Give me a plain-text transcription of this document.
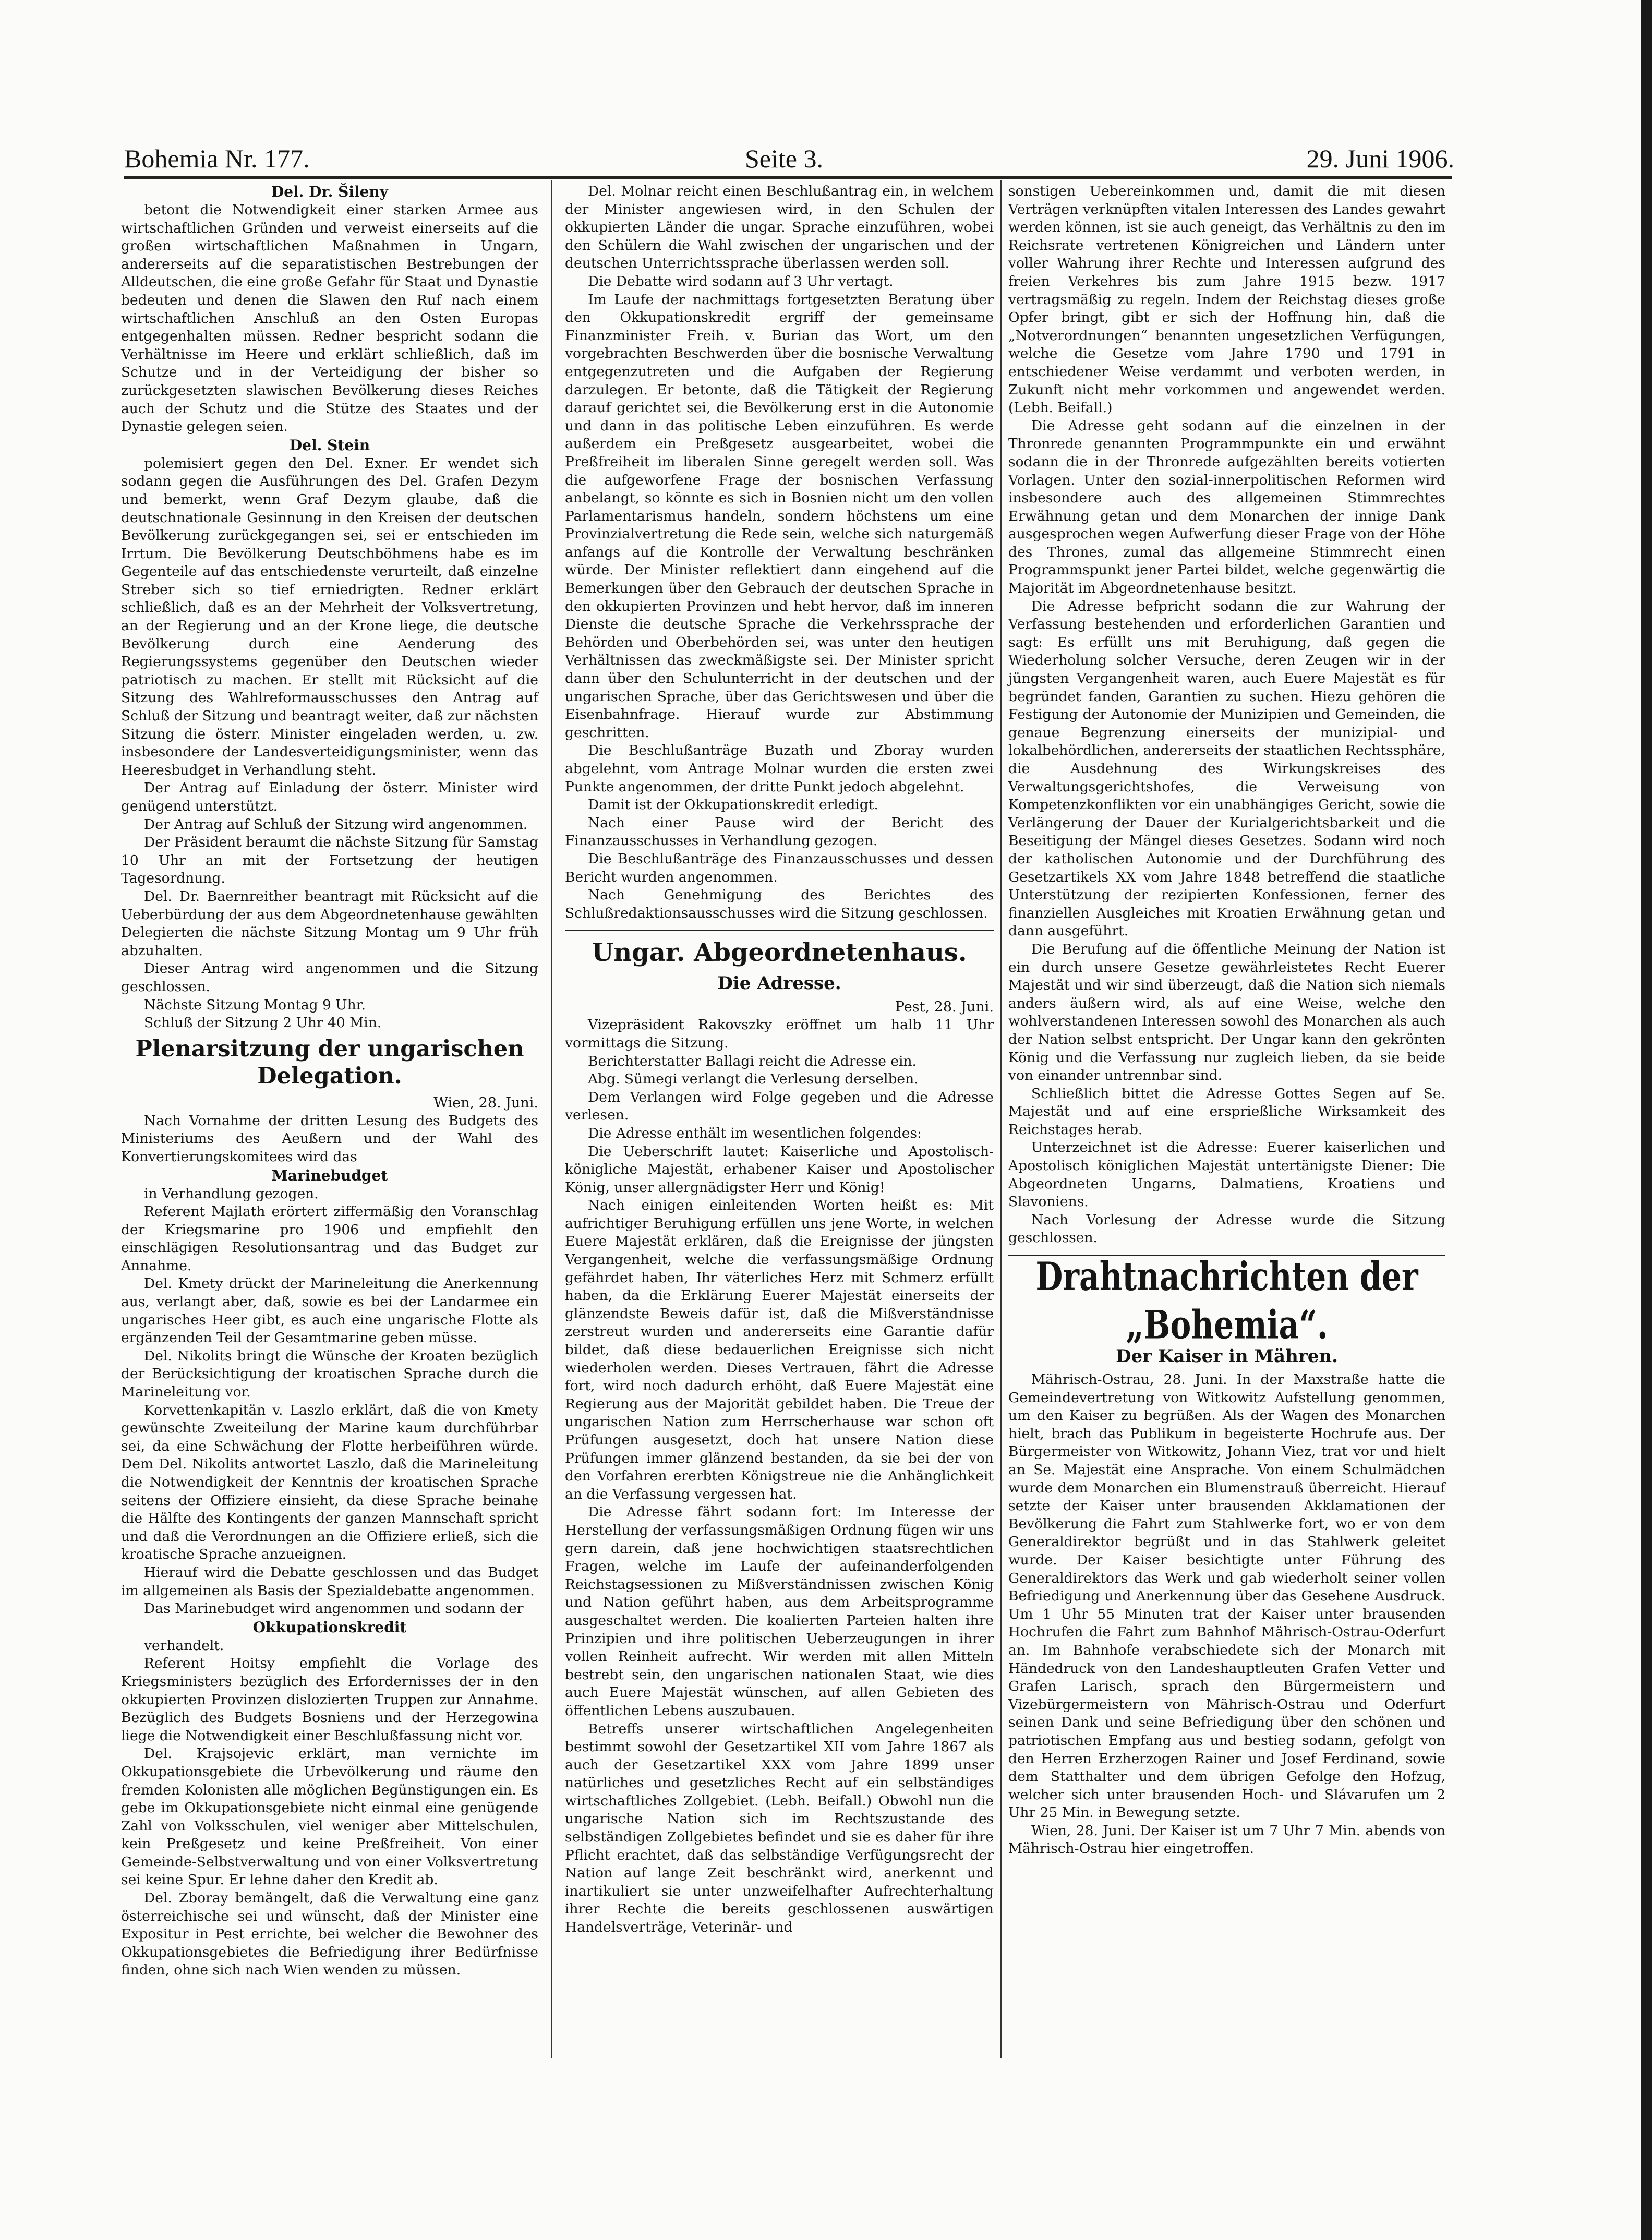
Bohemia Nr. 177.	Seite 3.	29. Juni 1906.

Del. Dr. Šileny

betont die Notwendigkeit einer starken Armee aus wirtschaftlichen Gründen und verweist einerseits auf die großen wirtschaftlichen Maßnahmen in Ungarn, andererseits auf die separatistischen Bestrebungen der Alldeutschen, die eine große Gefahr für Staat und Dynastie bedeuten und denen die Slawen den Ruf nach einem wirtschaftlichen Anschluß an den Osten Europas entgegenhalten müssen. Redner bespricht sodann die Verhältnisse im Heere und erklärt schließlich, daß im Schutze und in der Verteidigung der bisher so zurückgesetzten slawischen Bevölkerung dieses Reiches auch der Schutz und die Stütze des Staates und der Dynastie gelegen seien.

Del. Stein

polemisiert gegen den Del. Exner. Er wendet sich sodann gegen die Ausführungen des Del. Grafen Dezym und bemerkt, wenn Graf Dezym glaube, daß die deutschnationale Gesinnung in den Kreisen der deutschen Bevölkerung zurückgegangen sei, sei er entschieden im Irrtum. Die Bevölkerung Deutschböhmens habe es im Gegenteile auf das entschiedenste verurteilt, daß einzelne Streber sich so tief erniedrigten. Redner erklärt schließlich, daß es an der Mehrheit der Volksvertretung, an der Regierung und an der Krone liege, die deutsche Bevölkerung durch eine Aenderung des Regierungssystems gegenüber den Deutschen wieder patriotisch zu machen. Er stellt mit Rücksicht auf die Sitzung des Wahlreformausschusses den Antrag auf Schluß der Sitzung und beantragt weiter, daß zur nächsten Sitzung die österr. Minister eingeladen werden, u. zw. insbesondere der Landesverteidigungsminister, wenn das Heeresbudget in Verhandlung steht.

Der Antrag auf Einladung der österr. Minister wird genügend unterstützt.

Der Antrag auf Schluß der Sitzung wird angenommen.

Der Präsident beraumt die nächste Sitzung für Samstag 10 Uhr an mit der Fortsetzung der heutigen Tagesordnung.

Del. Dr. Baernreither beantragt mit Rücksicht auf die Ueberbürdung der aus dem Abgeordnetenhause gewählten Delegierten die nächste Sitzung Montag um 9 Uhr früh abzuhalten.

Dieser Antrag wird angenommen und die Sitzung geschlossen.

Nächste Sitzung Montag 9 Uhr.

Schluß der Sitzung 2 Uhr 40 Min.

Plenarsitzung der ungarischen Delegation.

Wien, 28. Juni.

Nach Vornahme der dritten Lesung des Budgets des Ministeriums des Aeußern und der Wahl des Konvertierungskomitees wird das

Marinebudget

in Verhandlung gezogen.

Referent Majlath erörtert ziffermäßig den Voranschlag der Kriegsmarine pro 1906 und empfiehlt den einschlägigen Resolutionsantrag und das Budget zur Annahme.

Del. Kmety drückt der Marineleitung die Anerkennung aus, verlangt aber, daß, sowie es bei der Landarmee ein ungarisches Heer gibt, es auch eine ungarische Flotte als ergänzenden Teil der Gesamtmarine geben müsse.

Del. Nikolits bringt die Wünsche der Kroaten bezüglich der Berücksichtigung der kroatischen Sprache durch die Marineleitung vor.

Korvettenkapitän v. Laszlo erklärt, daß die von Kmety gewünschte Zweiteilung der Marine kaum durchführbar sei, da eine Schwächung der Flotte herbeiführen würde. Dem Del. Nikolits antwortet Laszlo, daß die Marineleitung die Notwendigkeit der Kenntnis der kroatischen Sprache seitens der Offiziere einsieht, da diese Sprache beinahe die Hälfte des Kontingents der ganzen Mannschaft spricht und daß die Verordnungen an die Offiziere erließ, sich die kroatische Sprache anzueignen.

Hierauf wird die Debatte geschlossen und das Budget im allgemeinen als Basis der Spezialdebatte angenommen.

Das Marinebudget wird angenommen und sodann der

Okkupationskredit

verhandelt.

Referent Hoitsy empfiehlt die Vorlage des Kriegsministers bezüglich des Erfordernisses der in den okkupierten Provinzen dislozierten Truppen zur Annahme. Bezüglich des Budgets Bosniens und der Herzegowina liege die Notwendigkeit einer Beschlußfassung nicht vor.

Del. Krajsojevic erklärt, man vernichte im Okkupationsgebiete die Urbevölkerung und räume den fremden Kolonisten alle möglichen Begünstigungen ein. Es gebe im Okkupationsgebiete nicht einmal eine genügende Zahl von Volksschulen, viel weniger aber Mittelschulen, kein Preßgesetz und keine Preßfreiheit. Von einer Gemeinde-Selbstverwaltung und von einer Volksvertretung sei keine Spur. Er lehne daher den Kredit ab.

Del. Zboray bemängelt, daß die Verwaltung eine ganz österreichische sei und wünscht, daß der Minister eine Expositur in Pest errichte, bei welcher die Bewohner des Okkupationsgebietes die Befriedigung ihrer Bedürfnisse finden, ohne sich nach Wien wenden zu müssen.

Del. Molnar reicht einen Beschlußantrag ein, in welchem der Minister angewiesen wird, in den Schulen der okkupierten Länder die ungar. Sprache einzuführen, wobei den Schülern die Wahl zwischen der ungarischen und der deutschen Unterrichtssprache überlassen werden soll.

Die Debatte wird sodann auf 3 Uhr vertagt.

Im Laufe der nachmittags fortgesetzten Beratung über den Okkupationskredit ergriff der gemeinsame Finanzminister Freih. v. Burian das Wort, um den vorgebrachten Beschwerden über die bosnische Verwaltung entgegenzutreten und die Aufgaben der Regierung darzulegen. Er betonte, daß die Tätigkeit der Regierung darauf gerichtet sei, die Bevölkerung erst in die Autonomie und dann in das politische Leben einzuführen. Es werde außerdem ein Preßgesetz ausgearbeitet, wobei die Preßfreiheit im liberalen Sinne geregelt werden soll. Was die aufgeworfene Frage der bosnischen Verfassung anbelangt, so könnte es sich in Bosnien nicht um den vollen Parlamentarismus handeln, sondern höchstens um eine Provinzialvertretung die Rede sein, welche sich naturgemäß anfangs auf die Kontrolle der Verwaltung beschränken würde. Der Minister reflektiert dann eingehend auf die Bemerkungen über den Gebrauch der deutschen Sprache in den okkupierten Provinzen und hebt hervor, daß im inneren Dienste die deutsche Sprache die Verkehrssprache der Behörden und Oberbehörden sei, was unter den heutigen Verhältnissen das zweckmäßigste sei. Der Minister spricht dann über den Schulunterricht in der deutschen und der ungarischen Sprache, über das Gerichtswesen und über die Eisenbahnfrage. Hierauf wurde zur Abstimmung geschritten.

Die Beschlußanträge Buzath und Zboray wurden abgelehnt, vom Antrage Molnar wurden die ersten zwei Punkte angenommen, der dritte Punkt jedoch abgelehnt.

Damit ist der Okkupationskredit erledigt.

Nach einer Pause wird der Bericht des Finanzausschusses in Verhandlung gezogen.

Die Beschlußanträge des Finanzausschusses und dessen Bericht wurden angenommen.

Nach Genehmigung des Berichtes des Schlußredaktionsausschusses wird die Sitzung geschlossen.

Ungar. Abgeordnetenhaus.
Die Adresse.

Pest, 28. Juni.

Vizepräsident Rakovszky eröffnet um halb 11 Uhr vormittags die Sitzung.

Berichterstatter Ballagi reicht die Adresse ein.

Abg. Sümegi verlangt die Verlesung derselben.

Dem Verlangen wird Folge gegeben und die Adresse verlesen.

Die Adresse enthält im wesentlichen folgendes:

Die Ueberschrift lautet: Kaiserliche und Apostolisch-königliche Majestät, erhabener Kaiser und Apostolischer König, unser allergnädigster Herr und König!

Nach einigen einleitenden Worten heißt es: Mit aufrichtiger Beruhigung erfüllen uns jene Worte, in welchen Euere Majestät erklären, daß die Ereignisse der jüngsten Vergangenheit, welche die verfassungsmäßige Ordnung gefährdet haben, Ihr väterliches Herz mit Schmerz erfüllt haben, da die Erklärung Euerer Majestät einerseits der glänzendste Beweis dafür ist, daß die Mißverständnisse zerstreut wurden und andererseits eine Garantie dafür bildet, daß diese bedauerlichen Ereignisse sich nicht wiederholen werden. Dieses Vertrauen, fährt die Adresse fort, wird noch dadurch erhöht, daß Euere Majestät eine Regierung aus der Majorität gebildet haben. Die Treue der ungarischen Nation zum Herrscherhause war schon oft Prüfungen ausgesetzt, doch hat unsere Nation diese Prüfungen immer glänzend bestanden, da sie bei der von den Vorfahren ererbten Königstreue nie die Anhänglichkeit an die Verfassung vergessen hat.

Die Adresse fährt sodann fort: Im Interesse der Herstellung der verfassungsmäßigen Ordnung fügen wir uns gern darein, daß jene hochwichtigen staatsrechtlichen Fragen, welche im Laufe der aufeinanderfolgenden Reichstagsessionen zu Mißverständnissen zwischen König und Nation geführt haben, aus dem Arbeitsprogramme ausgeschaltet werden. Die koalierten Parteien halten ihre Prinzipien und ihre politischen Ueberzeugungen in ihrer vollen Reinheit aufrecht. Wir werden mit allen Mitteln bestrebt sein, den ungarischen nationalen Staat, wie dies auch Euere Majestät wünschen, auf allen Gebieten des öffentlichen Lebens auszubauen.

Betreffs unserer wirtschaftlichen Angelegenheiten bestimmt sowohl der Gesetzartikel XII vom Jahre 1867 als auch der Gesetzartikel XXX vom Jahre 1899 unser natürliches und gesetzliches Recht auf ein selbständiges wirtschaftliches Zollgebiet. (Lebh. Beifall.) Obwohl nun die ungarische Nation sich im Rechtszustande des selbständigen Zollgebietes befindet und sie es daher für ihre Pflicht erachtet, daß das selbständige Verfügungsrecht der Nation auf lange Zeit beschränkt wird, anerkennt und inartikuliert sie unter unzweifelhafter Aufrechterhaltung ihrer Rechte die bereits geschlossenen auswärtigen Handelsverträge, Veterinär- und

sonstigen Uebereinkommen und, damit die mit diesen Verträgen verknüpften vitalen Interessen des Landes gewahrt werden können, ist sie auch geneigt, das Verhältnis zu den im Reichsrate vertretenen Königreichen und Ländern unter voller Wahrung ihrer Rechte und Interessen aufgrund des freien Verkehres bis zum Jahre 1915 bezw. 1917 vertragsmäßig zu regeln. Indem der Reichstag dieses große Opfer bringt, gibt er sich der Hoffnung hin, daß die „Notverordnungen“ benannten ungesetzlichen Verfügungen, welche die Gesetze vom Jahre 1790 und 1791 in entschiedener Weise verdammt und verboten werden, in Zukunft nicht mehr vorkommen und angewendet werden. (Lebh. Beifall.)

Die Adresse geht sodann auf die einzelnen in der Thronrede genannten Programmpunkte ein und erwähnt sodann die in der Thronrede aufgezählten bereits votierten Vorlagen. Unter den sozial-innerpolitischen Reformen wird insbesondere auch des allgemeinen Stimmrechtes Erwähnung getan und dem Monarchen der innige Dank ausgesprochen wegen Aufwerfung dieser Frage von der Höhe des Thrones, zumal das allgemeine Stimmrecht einen Programmspunkt jener Partei bildet, welche gegenwärtig die Majorität im Abgeordnetenhause besitzt.

Die Adresse befpricht sodann die zur Wahrung der Verfassung bestehenden und erforderlichen Garantien und sagt: Es erfüllt uns mit Beruhigung, daß gegen die Wiederholung solcher Versuche, deren Zeugen wir in der jüngsten Vergangenheit waren, auch Euere Majestät es für begründet fanden, Garantien zu suchen. Hiezu gehören die Festigung der Autonomie der Munizipien und Gemeinden, die genaue Begrenzung einerseits der munizipial- und lokalbehördlichen, andererseits der staatlichen Rechtssphäre, die Ausdehnung des Wirkungskreises des Verwaltungsgerichtshofes, die Verweisung von Kompetenzkonflikten vor ein unabhängiges Gericht, sowie die Verlängerung der Dauer der Kurialgerichtsbarkeit und die Beseitigung der Mängel dieses Gesetzes. Sodann wird noch der katholischen Autonomie und der Durchführung des Gesetzartikels XX vom Jahre 1848 betreffend die staatliche Unterstützung der rezipierten Konfessionen, ferner des finanziellen Ausgleiches mit Kroatien Erwähnung getan und dann ausgeführt.

Die Berufung auf die öffentliche Meinung der Nation ist ein durch unsere Gesetze gewährleistetes Recht Euerer Majestät und wir sind überzeugt, daß die Nation sich niemals anders äußern wird, als auf eine Weise, welche den wohlverstandenen Interessen sowohl des Monarchen als auch der Nation selbst entspricht. Der Ungar kann den gekrönten König und die Verfassung nur zugleich lieben, da sie beide von einander untrennbar sind.

Schließlich bittet die Adresse Gottes Segen auf Se. Majestät und auf eine ersprießliche Wirksamkeit des Reichstages herab.

Unterzeichnet ist die Adresse: Euerer kaiserlichen und Apostolisch königlichen Majestät untertänigste Diener: Die Abgeordneten Ungarns, Dalmatiens, Kroatiens und Slavoniens.

Nach Vorlesung der Adresse wurde die Sitzung geschlossen.

Drahtnachrichten der „Bohemia“.
Der Kaiser in Mähren.

Mährisch-Ostrau, 28. Juni. In der Maxstraße hatte die Gemeindevertretung von Witkowitz Aufstellung genommen, um den Kaiser zu begrüßen. Als der Wagen des Monarchen hielt, brach das Publikum in begeisterte Hochrufe aus. Der Bürgermeister von Witkowitz, Johann Viez, trat vor und hielt an Se. Majestät eine Ansprache. Von einem Schulmädchen wurde dem Monarchen ein Blumenstrauß überreicht. Hierauf setzte der Kaiser unter brausenden Akklamationen der Bevölkerung die Fahrt zum Stahlwerke fort, wo er von dem Generaldirektor begrüßt und in das Stahlwerk geleitet wurde. Der Kaiser besichtigte unter Führung des Generaldirektors das Werk und gab wiederholt seiner vollen Befriedigung und Anerkennung über das Gesehene Ausdruck. Um 1 Uhr 55 Minuten trat der Kaiser unter brausenden Hochrufen die Fahrt zum Bahnhof Mährisch-Ostrau-Oderfurt an. Im Bahnhofe verabschiedete sich der Monarch mit Händedruck von den Landeshauptleuten Grafen Vetter und Grafen Larisch, sprach den Bürgermeistern und Vizebürgermeistern von Mährisch-Ostrau und Oderfurt seinen Dank und seine Befriedigung über den schönen und patriotischen Empfang aus und bestieg sodann, gefolgt von den Herren Erzherzogen Rainer und Josef Ferdinand, sowie dem Statthalter und dem übrigen Gefolge den Hofzug, welcher sich unter brausenden Hoch- und Slávarufen um 2 Uhr 25 Min. in Bewegung setzte.

Wien, 28. Juni. Der Kaiser ist um 7 Uhr 7 Min. abends von Mährisch-Ostrau hier eingetroffen.
